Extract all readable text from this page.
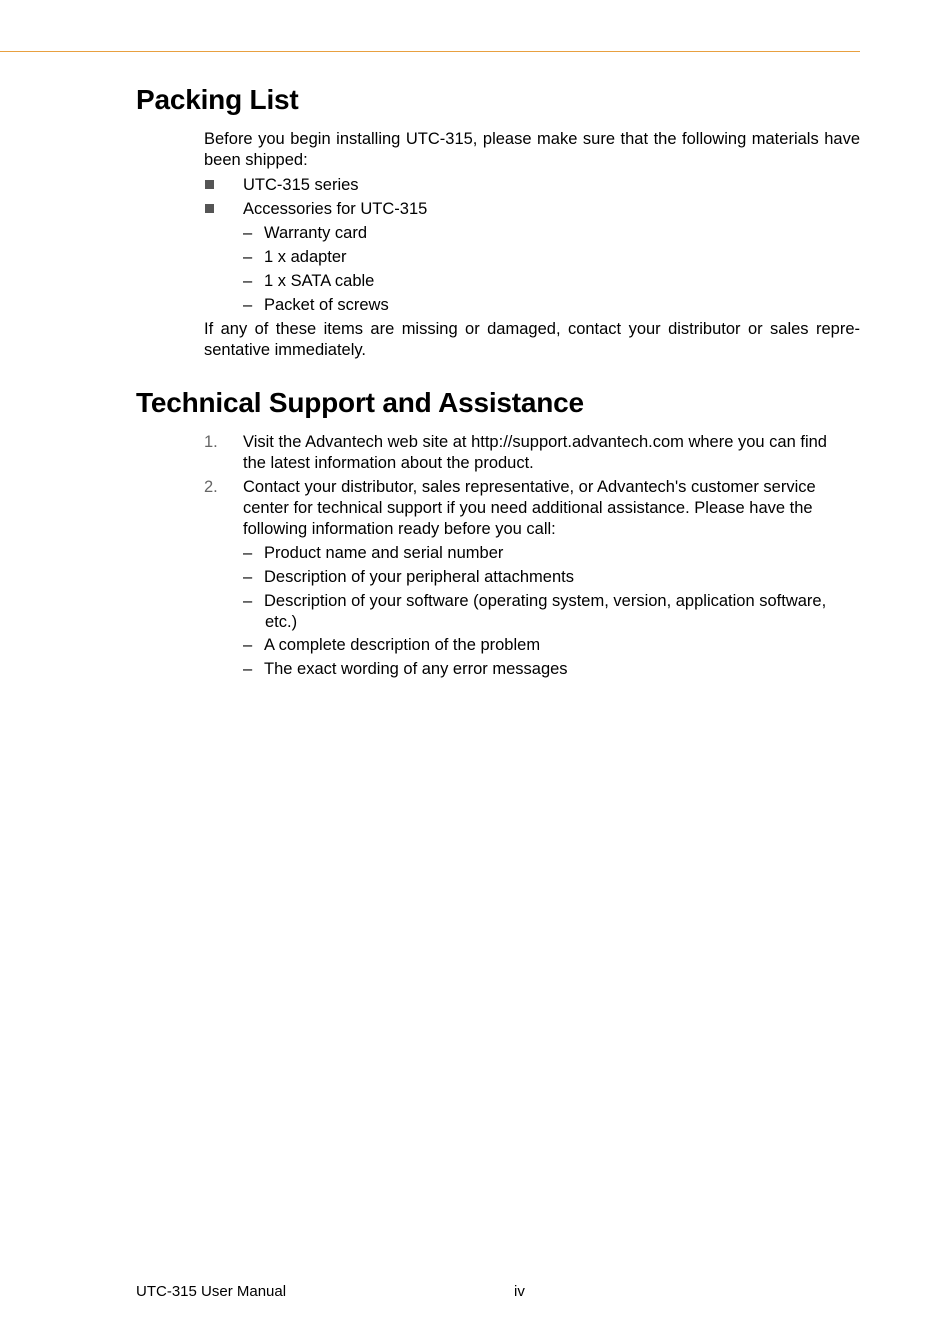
Packing List

Before you begin installing UTC-315, please make sure that the following materials have been shipped:

UTC-315 series
Accessories for UTC-315
– Warranty card
– 1 x adapter
– 1 x SATA cable
– Packet of screws
If any of these items are missing or damaged, contact your distributor or sales repre-
sentative immediately.
Technical Support and Assistance
1. Visit the Advantech web site at http://support.advantech.com where you can find
the latest information about the product.
2. Contact your distributor, sales representative, or Advantech's customer service
center for technical support if you need additional assistance. Please have the
following information ready before you call:
– Product name and serial number
– Description of your peripheral attachments
– Description of your software (operating system, version, application software,
etc.)
– A complete description of the problem
– The exact wording of any error messages
UTC-315 User Manual	iv
